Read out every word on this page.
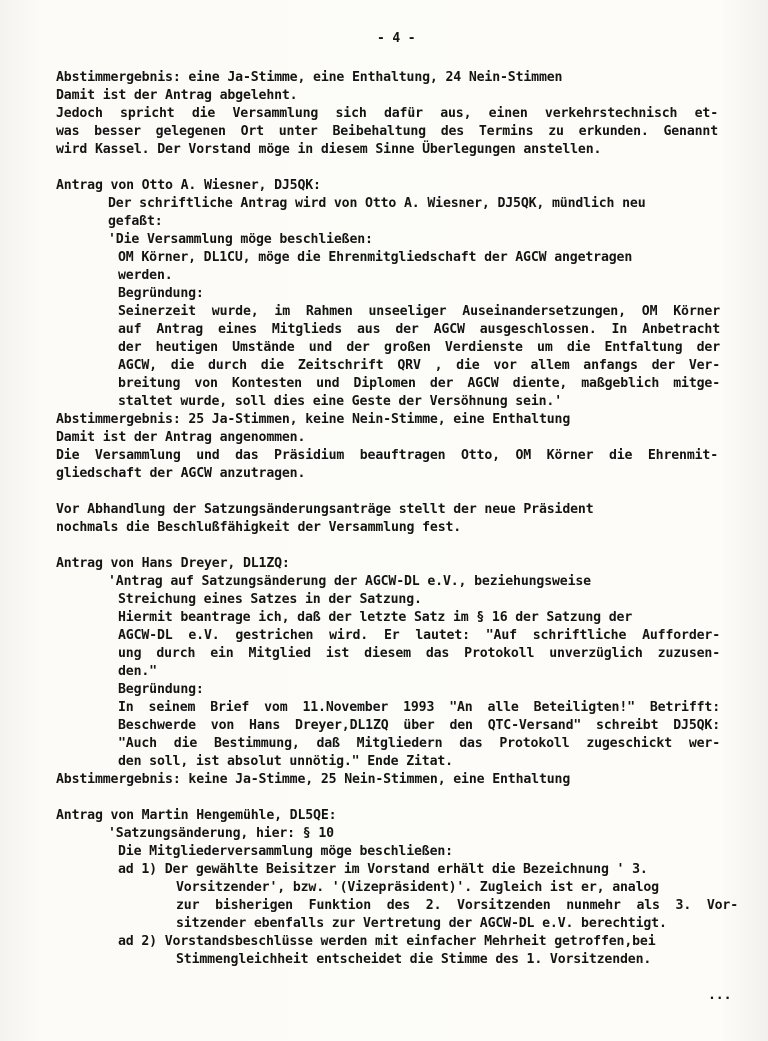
- 4 -
Abstimmergebnis: eine Ja-Stimme, eine Enthaltung, 24 Nein-Stimmen
Damit ist der Antrag abgelehnt.
Jedoch spricht die Versammlung sich dafür aus, einen verkehrstechnisch et-
was besser gelegenen Ort unter Beibehaltung des Termins zu erkunden. Genannt
wird Kassel. Der Vorstand möge in diesem Sinne Überlegungen anstellen.
Antrag von Otto A. Wiesner, DJ5QK:
Der schriftliche Antrag wird von Otto A. Wiesner, DJ5QK, mündlich neu
gefaßt:
'Die Versammlung möge beschließen:
OM Körner, DL1CU, möge die Ehrenmitgliedschaft der AGCW angetragen
werden.
Begründung:
Seinerzeit wurde, im Rahmen unseeliger Auseinandersetzungen, OM Körner
auf Antrag eines Mitglieds aus der AGCW ausgeschlossen. In Anbetracht
der heutigen Umstände und der großen Verdienste um die Entfaltung der
AGCW, die durch die Zeitschrift QRV , die vor allem anfangs der Ver-
breitung von Kontesten und Diplomen der AGCW diente, maßgeblich mitge-
staltet wurde, soll dies eine Geste der Versöhnung sein.'
Abstimmergebnis: 25 Ja-Stimmen, keine Nein-Stimme, eine Enthaltung
Damit ist der Antrag angenommen.
Die Versammlung und das Präsidium beauftragen Otto, OM Körner die Ehrenmit-
gliedschaft der AGCW anzutragen.
Vor Abhandlung der Satzungsänderungsanträge stellt der neue Präsident
nochmals die Beschlußfähigkeit der Versammlung fest.
Antrag von Hans Dreyer, DL1ZQ:
'Antrag auf Satzungsänderung der AGCW-DL e.V., beziehungsweise
Streichung eines Satzes in der Satzung.
Hiermit beantrage ich, daß der letzte Satz im § 16 der Satzung der
AGCW-DL e.V. gestrichen wird. Er lautet: "Auf schriftliche Aufforder-
ung durch ein Mitglied ist diesem das Protokoll unverzüglich zuzusen-
den."
Begründung:
In seinem Brief vom 11.November 1993 "An alle Beteiligten!" Betrifft:
Beschwerde von Hans Dreyer,DL1ZQ über den QTC-Versand" schreibt DJ5QK:
"Auch die Bestimmung, daß Mitgliedern das Protokoll zugeschickt wer-
den soll, ist absolut unnötig." Ende Zitat.
Abstimmergebnis: keine Ja-Stimme, 25 Nein-Stimmen, eine Enthaltung
Antrag von Martin Hengemühle, DL5QE:
'Satzungsänderung, hier: § 10
Die Mitgliederversammlung möge beschließen:
ad 1) Der gewählte Beisitzer im Vorstand erhält die Bezeichnung ' 3.
Vorsitzender', bzw. '(Vizepräsident)'. Zugleich ist er, analog
zur bisherigen Funktion des 2. Vorsitzenden nunmehr als 3. Vor-
sitzender ebenfalls zur Vertretung der AGCW-DL e.V. berechtigt.
ad 2) Vorstandsbeschlüsse werden mit einfacher Mehrheit getroffen,bei
Stimmengleichheit entscheidet die Stimme des 1. Vorsitzenden.
...
